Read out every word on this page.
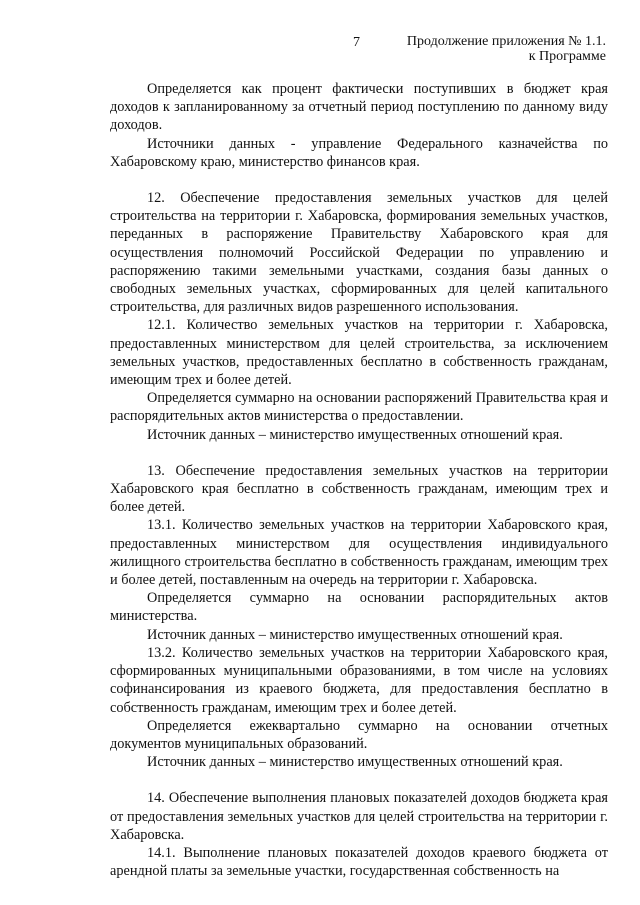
7	Продолжение приложения № 1.1.
к Программе

Определяется как процент фактически поступивших в бюджет края доходов к запланированному за отчетный период поступлению по данному виду доходов.

Источники данных - управление Федерального казначейства по Хабаровскому краю, министерство финансов края.

12. Обеспечение предоставления земельных участков для целей строительства на территории г. Хабаровска, формирования земельных участков, переданных в распоряжение Правительству Хабаровского края для осуществления полномочий Российской Федерации по управлению и распоряжению такими земельными участками, создания базы данных о свободных земельных участках, сформированных для целей капитального строительства, для различных видов разрешенного использования.

12.1. Количество земельных участков на территории г. Хабаровска, предоставленных министерством для целей строительства, за исключением земельных участков, предоставленных бесплатно в собственность гражданам, имеющим трех и более детей.

Определяется суммарно на основании распоряжений Правительства края и распорядительных актов министерства о предоставлении.

Источник данных – министерство имущественных отношений края.

13. Обеспечение предоставления земельных участков на территории Хабаровского края бесплатно в собственность гражданам, имеющим трех и более детей.

13.1. Количество земельных участков на территории Хабаровского края, предоставленных министерством для осуществления индивидуального жилищного строительства бесплатно в собственность гражданам, имеющим трех и более детей, поставленным на очередь на территории г. Хабаровска.

Определяется суммарно на основании распорядительных актов министерства.

Источник данных – министерство имущественных отношений края.

13.2. Количество земельных участков на территории Хабаровского края, сформированных муниципальными образованиями, в том числе на условиях софинансирования из краевого бюджета, для предоставления бесплатно в собственность гражданам, имеющим трех и более детей.

Определяется ежеквартально суммарно на основании отчетных документов муниципальных образований.

Источник данных – министерство имущественных отношений края.

14. Обеспечение выполнения плановых показателей доходов бюджета края от предоставления земельных участков для целей строительства на территории г. Хабаровска.

14.1. Выполнение плановых показателей доходов краевого бюджета от арендной платы за земельные участки, государственная собственность на
